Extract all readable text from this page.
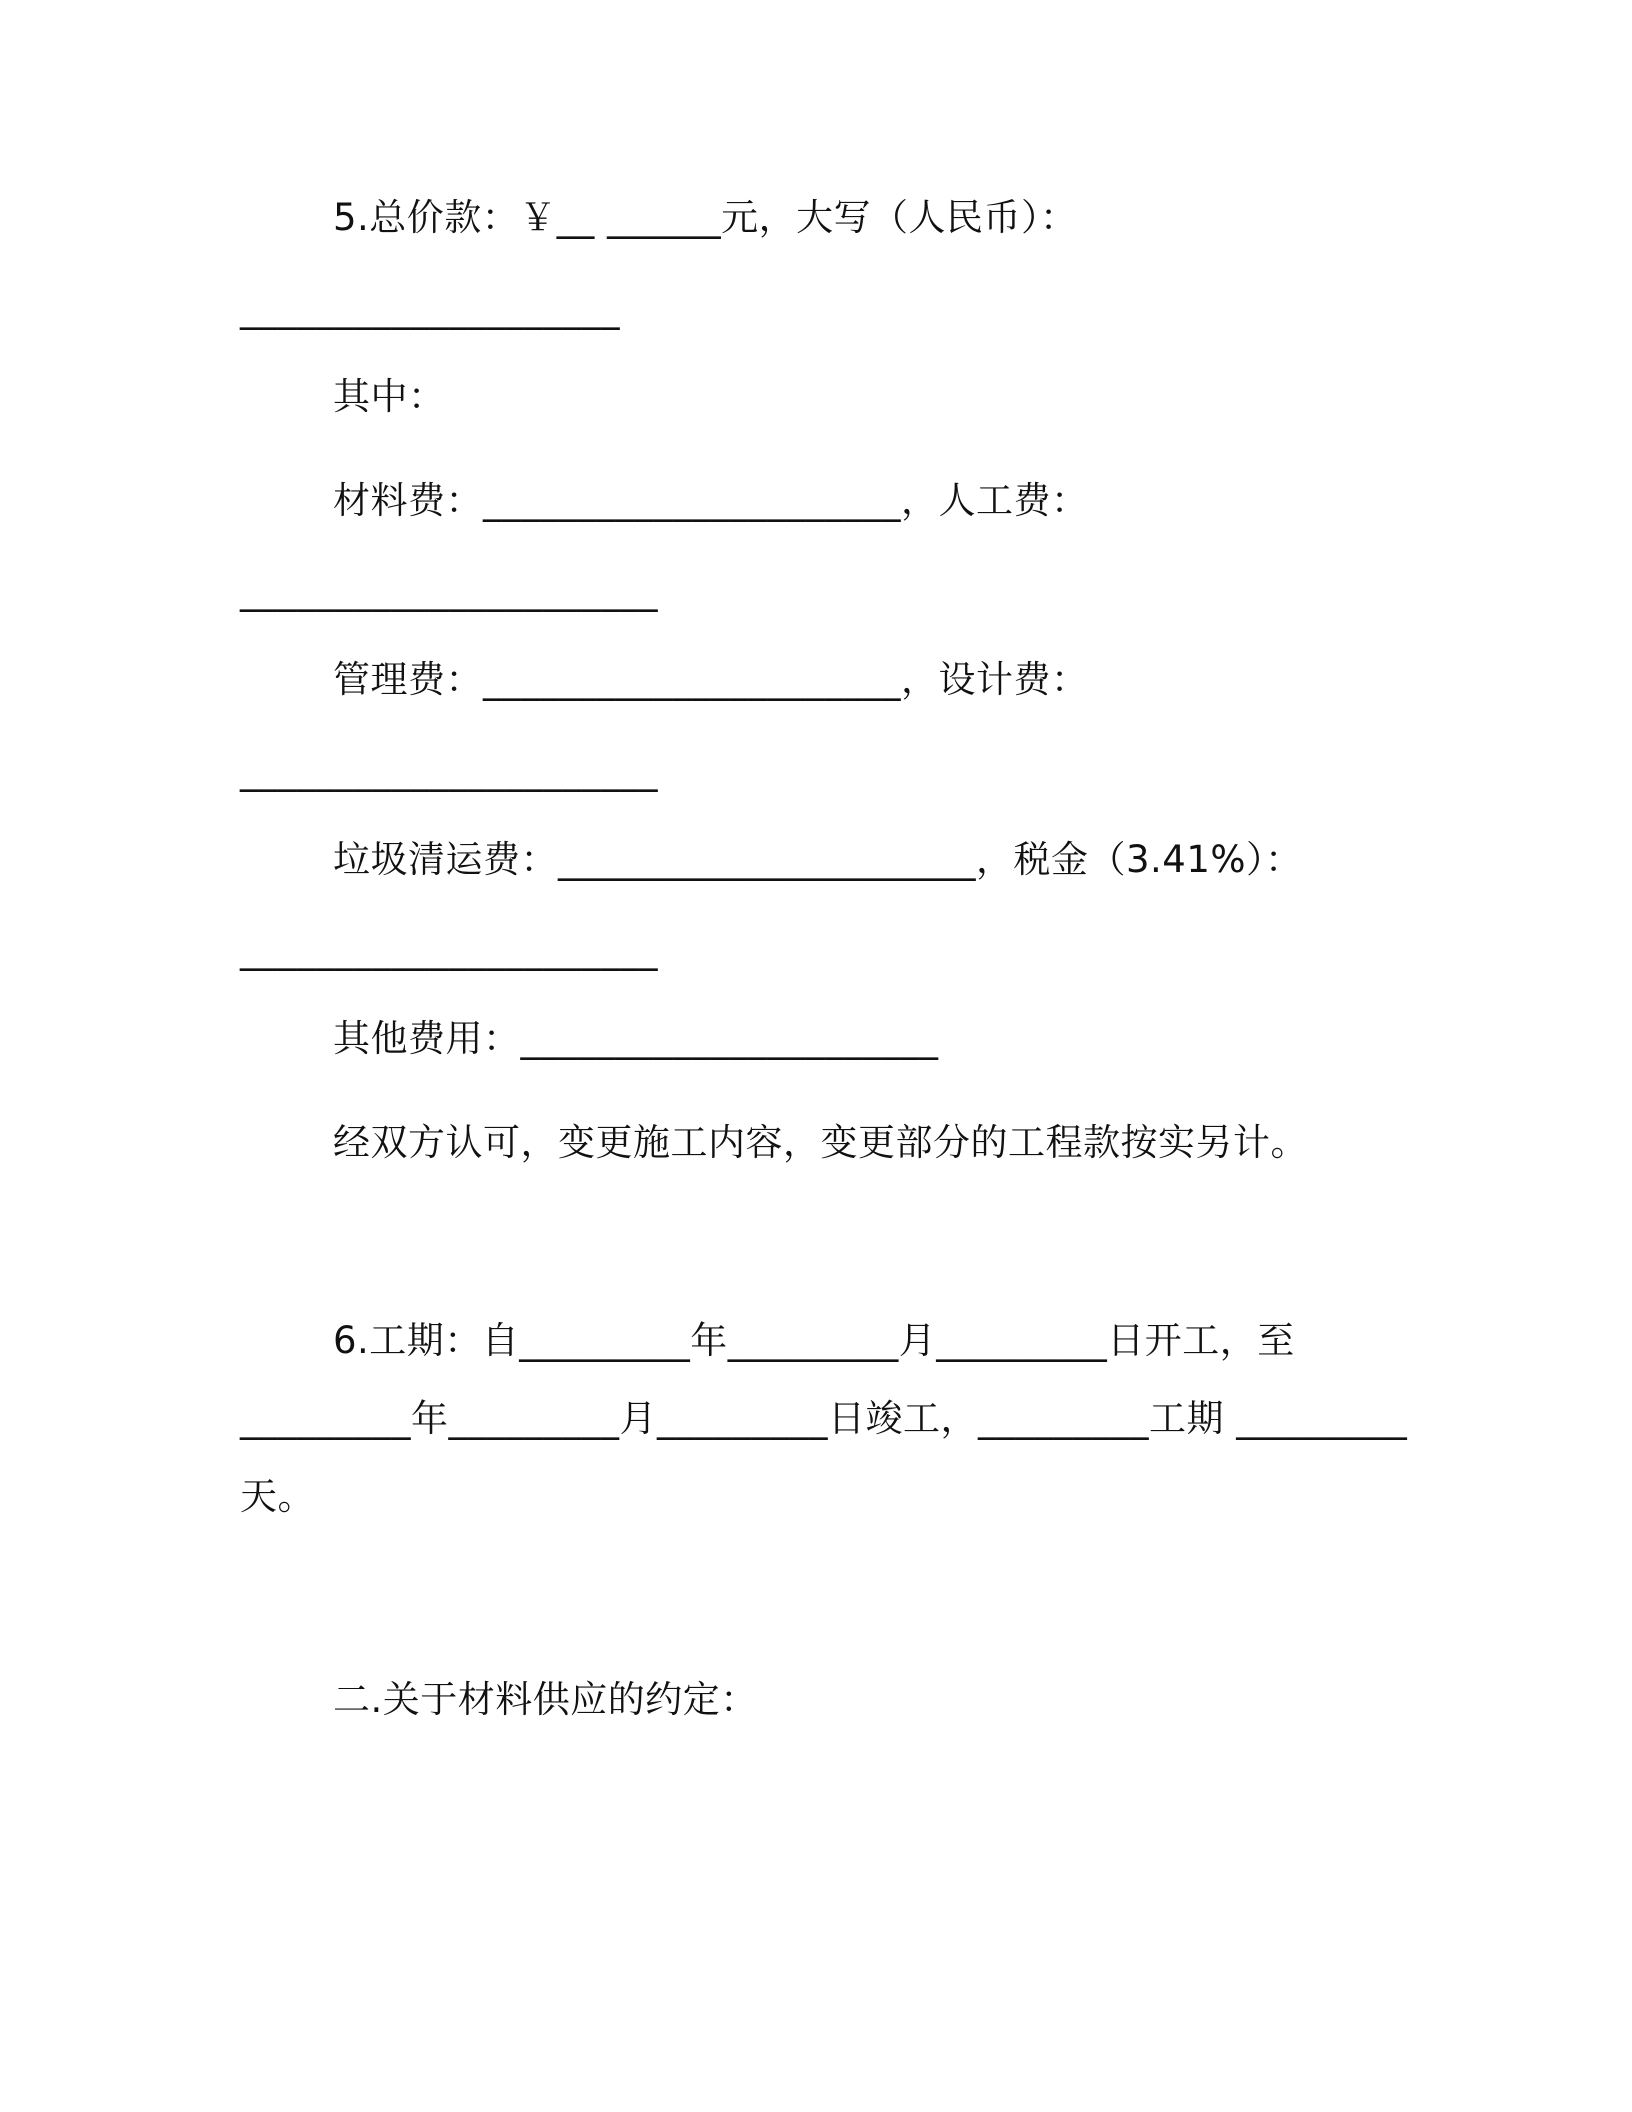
5.总价款：￥__ ______元，大写（人民币）：
____________________
其中：
材料费：______________________，人工费：
______________________
管理费：______________________，设计费：
______________________
垃圾清运费：______________________，税金（3.41%）：
______________________
其他费用：______________________
经双方认可，变更施工内容，变更部分的工程款按实另计。
6.工期：自_________年_________月_________日开工，至
_________年_________月_________日竣工，_________工期 _________
天。
二.关于材料供应的约定：
